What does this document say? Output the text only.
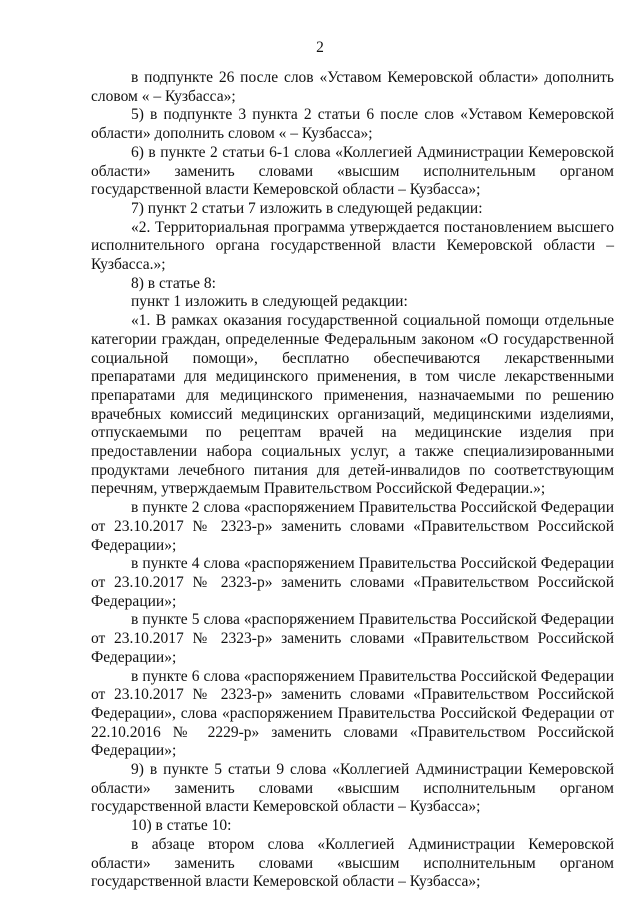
2

в подпункте 26 после слов «Уставом Кемеровской области» дополнить словом « – Кузбасса»;

5) в подпункте 3 пункта 2 статьи 6 после слов «Уставом Кемеровской области» дополнить словом « – Кузбасса»;

6) в пункте 2 статьи 6-1 слова «Коллегией Администрации Кемеровской области» заменить словами «высшим исполнительным органом государственной власти Кемеровской области – Кузбасса»;

7) пункт 2 статьи 7 изложить в следующей редакции:

«2. Территориальная программа утверждается постановлением высшего исполнительного органа государственной власти Кемеровской области – Кузбасса.»;

8) в статье 8:

пункт 1 изложить в следующей редакции:

«1. В рамках оказания государственной социальной помощи отдельные категории граждан, определенные Федеральным законом «О государственной социальной помощи», бесплатно обеспечиваются лекарственными препаратами для медицинского применения, в том числе лекарственными препаратами для медицинского применения, назначаемыми по решению врачебных комиссий медицинских организаций, медицинскими изделиями, отпускаемыми по рецептам врачей на медицинские изделия при предоставлении набора социальных услуг, а также специализированными продуктами лечебного питания для детей-инвалидов по соответствующим перечням, утверждаемым Правительством Российской Федерации.»;

в пункте 2 слова «распоряжением Правительства Российской Федерации от 23.10.2017 № 2323-р» заменить словами «Правительством Российской Федерации»;

в пункте 4 слова «распоряжением Правительства Российской Федерации от 23.10.2017 № 2323-р» заменить словами «Правительством Российской Федерации»;

в пункте 5 слова «распоряжением Правительства Российской Федерации от 23.10.2017 № 2323-р» заменить словами «Правительством Российской Федерации»;

в пункте 6 слова «распоряжением Правительства Российской Федерации от 23.10.2017 № 2323-р» заменить словами «Правительством Российской Федерации», слова «распоряжением Правительства Российской Федерации от 22.10.2016 № 2229-р» заменить словами «Правительством Российской Федерации»;

9) в пункте 5 статьи 9 слова «Коллегией Администрации Кемеровской области» заменить словами «высшим исполнительным органом государственной власти Кемеровской области – Кузбасса»;

10) в статье 10:

в абзаце втором слова «Коллегией Администрации Кемеровской области» заменить словами «высшим исполнительным органом государственной власти Кемеровской области – Кузбасса»;
